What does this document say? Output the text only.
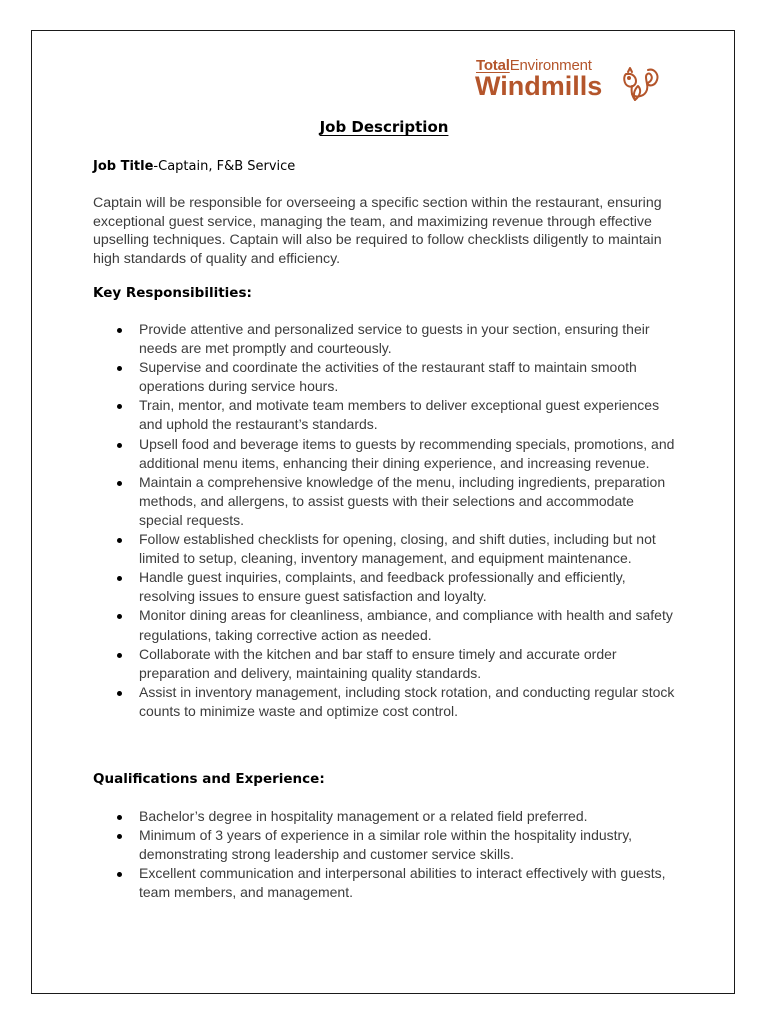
TotalEnvironment
Windmills
Job Description
Job Title-Captain, F&B Service

Captain will be responsible for overseeing a specific section within the restaurant, ensuring exceptional guest service, managing the team, and maximizing revenue through effective upselling techniques. Captain will also be required to follow checklists diligently to maintain high standards of quality and efficiency.

Key Responsibilities:
Provide attentive and personalized service to guests in your section, ensuring their needs are met promptly and courteously.
Supervise and coordinate the activities of the restaurant staff to maintain smooth operations during service hours.
Train, mentor, and motivate team members to deliver exceptional guest experiences and uphold the restaurant’s standards.
Upsell food and beverage items to guests by recommending specials, promotions, and additional menu items, enhancing their dining experience, and increasing revenue.
Maintain a comprehensive knowledge of the menu, including ingredients, preparation methods, and allergens, to assist guests with their selections and accommodate special requests.
Follow established checklists for opening, closing, and shift duties, including but not limited to setup, cleaning, inventory management, and equipment maintenance.
Handle guest inquiries, complaints, and feedback professionally and efficiently, resolving issues to ensure guest satisfaction and loyalty.
Monitor dining areas for cleanliness, ambiance, and compliance with health and safety regulations, taking corrective action as needed.
Collaborate with the kitchen and bar staff to ensure timely and accurate order preparation and delivery, maintaining quality standards.
Assist in inventory management, including stock rotation, and conducting regular stock counts to minimize waste and optimize cost control.
Qualifications and Experience:
Bachelor’s degree in hospitality management or a related field preferred.
Minimum of 3 years of experience in a similar role within the hospitality industry, demonstrating strong leadership and customer service skills.
Excellent communication and interpersonal abilities to interact effectively with guests, team members, and management.
